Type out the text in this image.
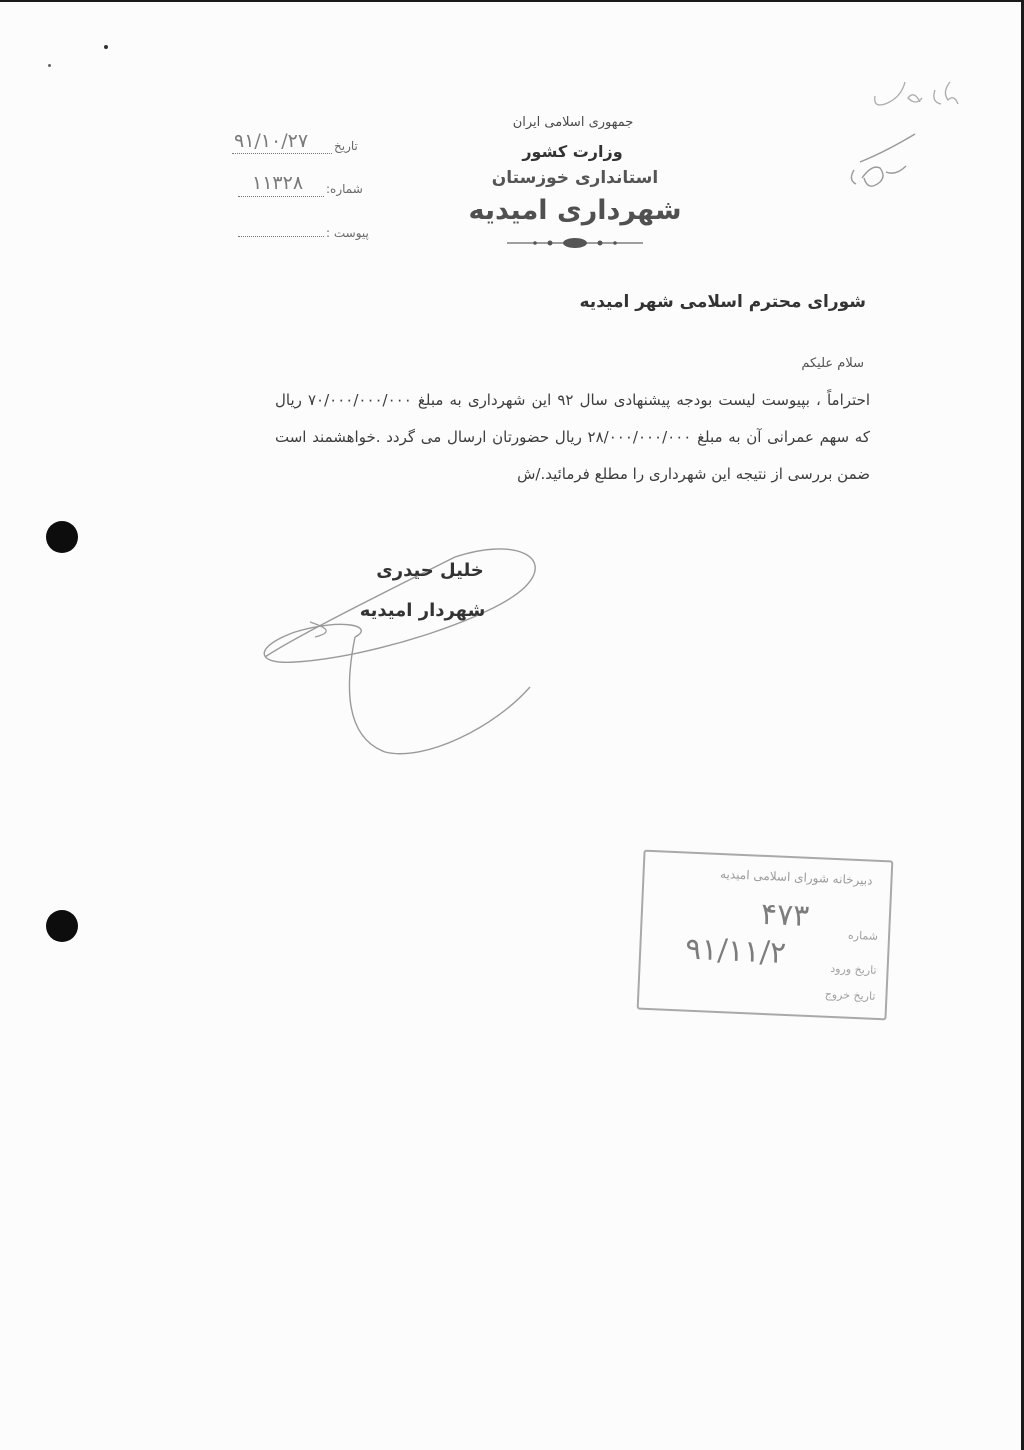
جمهوری اسلامی ایران
وزارت کشور
استانداری خوزستان
شهرداری امیدیه
تاریخ
۹۱/۱۰/۲۷
شماره:
۱۱۳۲۸
پیوست :
شورای محترم اسلامی شهر امیدیه
سلام علیکم
احتراماً ، بپیوست لیست بودجه پیشنهادی سال ۹۲ این شهرداری به مبلغ ۷۰/۰۰۰/۰۰۰/۰۰۰ ریال که سهم عمرانی آن به مبلغ ۲۸/۰۰۰/۰۰۰/۰۰۰ ریال حضورتان ارسال می گردد .خواهشمند است ضمن بررسی از نتیجه این شهرداری را مطلع فرمائید./ش
خلیل حیدری
شهردار امیدیه
دبیرخانه شورای اسلامی امیدیه
شماره
تاریخ ورود
تاریخ خروج
۴۷۳
۹۱/۱۱/۲
